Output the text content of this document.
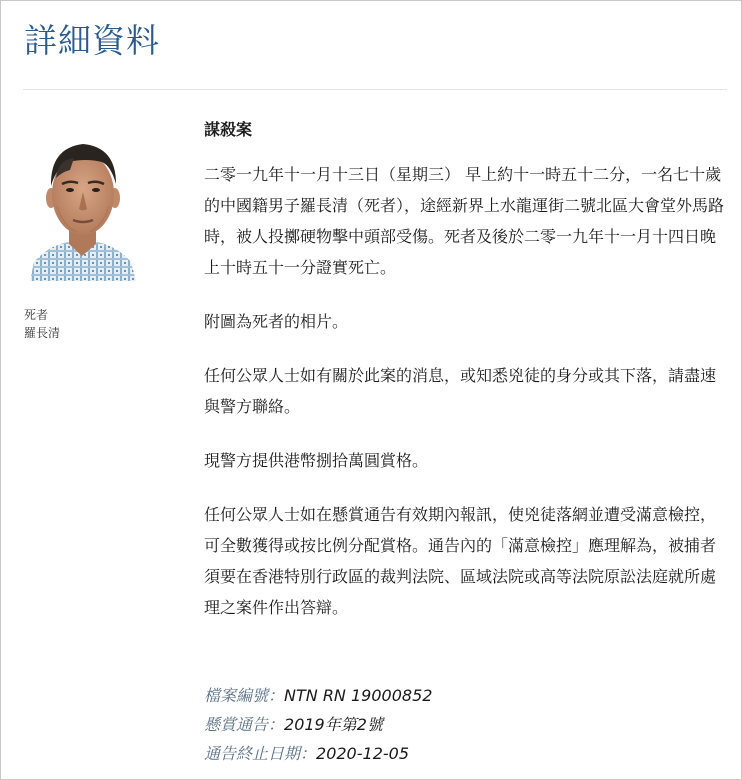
詳細資料
死者
羅長清
謀殺案

二零一九年十一月十三日（星期三） 早上約十一時五十二分，一名七十歲的中國籍男子羅長清（死者），途經新界上水龍運街二號北區大會堂外馬路時，被人投擲硬物擊中頭部受傷。死者及後於二零一九年十一月十四日晚上十時五十一分證實死亡。

附圖為死者的相片。

任何公眾人士如有關於此案的消息，或知悉兇徒的身分或其下落，請盡速與警方聯絡。

現警方提供港幣捌拾萬圓賞格。

任何公眾人士如在懸賞通告有效期內報訊，使兇徒落網並遭受滿意檢控，可全數獲得或按比例分配賞格。通告內的「滿意檢控」應理解為，被捕者須要在香港特別行政區的裁判法院、區域法院或高等法院原訟法庭就所處理之案件作出答辯。

檔案編號：NTN RN 19000852
懸賞通告：2019年第2號
通告終止日期：2020-12-05
